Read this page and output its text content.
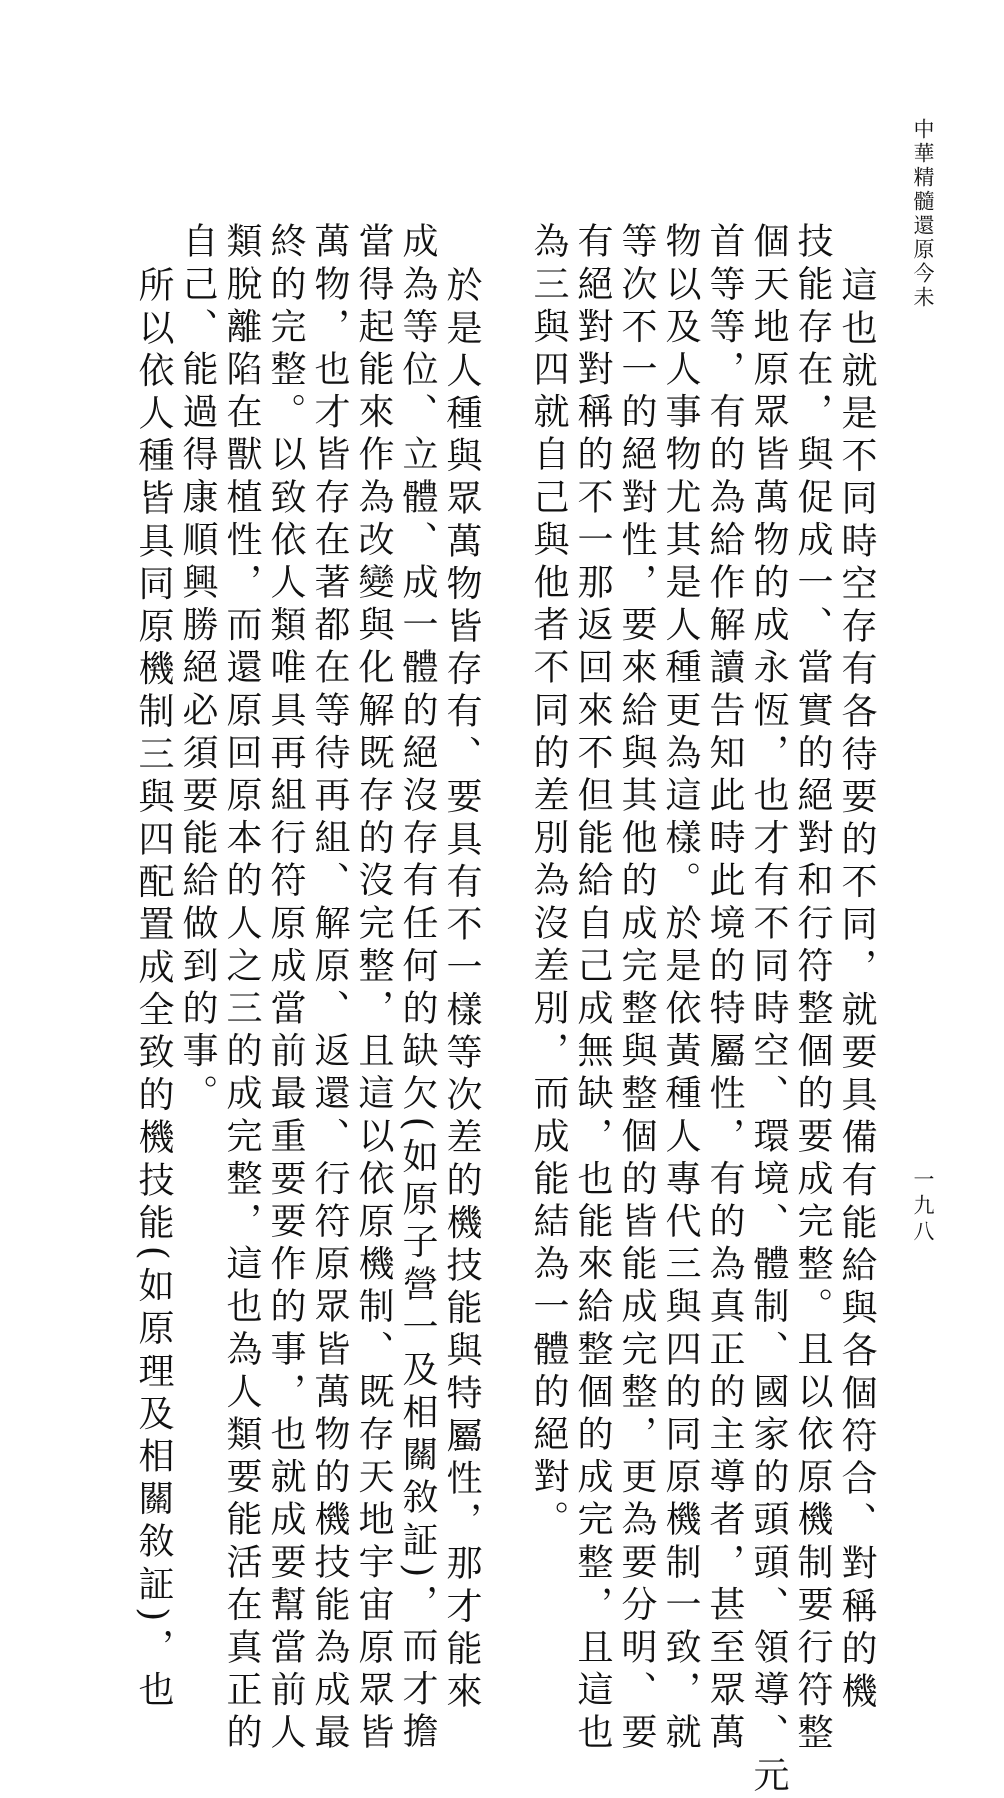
中華精髓還原今未
一九八
這也就是不同時空存有各待要的不同，就要具備有能給與各個符合、對稱的機
技能存在，與促成一、當實的絕對和行符整個的要成完整。且以依原機制要行符整
個天地原眾皆萬物的成永恆，也才有不同時空、環境、體制、國家的頭頭、領導、元
首等等，有的為給作解讀告知此時此境的特屬性，有的為真正的主導者，甚至眾萬
物以及人事物尤其是人種更為這樣。於是依黃種人專代三與四的同原機制一致，就
等次不一的絕對性，要來給與其他的成完整與整個的皆能成完整，更為要分明、要
有絕對對稱的不一那返回來不但能給自己成無缺，也能來給整個的成完整，且這也
為三與四就自己與他者不同的差別為沒差別，而成能結為一體的絕對。
於是人種與眾萬物皆存有、要具有不一樣等次差的機技能與特屬性，那才能來
成為等位、立體、成一體的絕沒存有任何的缺欠(如原子營一及相關敘証)，而才擔
當得起能來作為改變與化解既存的沒完整，且這以依原機制、既存天地宇宙原眾皆
萬物，也才皆存在著都在等待再組、解原、返還、行符原眾皆萬物的機技能為成最
終的完整。以致依人類唯具再組行符原成當前最重要要作的事，也就成要幫當前人
類脫離陷在獸植性，而還原回原本的人之三的成完整，這也為人類要能活在真正的
自己、能過得康順興勝絕必須要能給做到的事。
所以依人種皆具同原機制三與四配置成全致的機技能(如原理及相關敘証)，也
